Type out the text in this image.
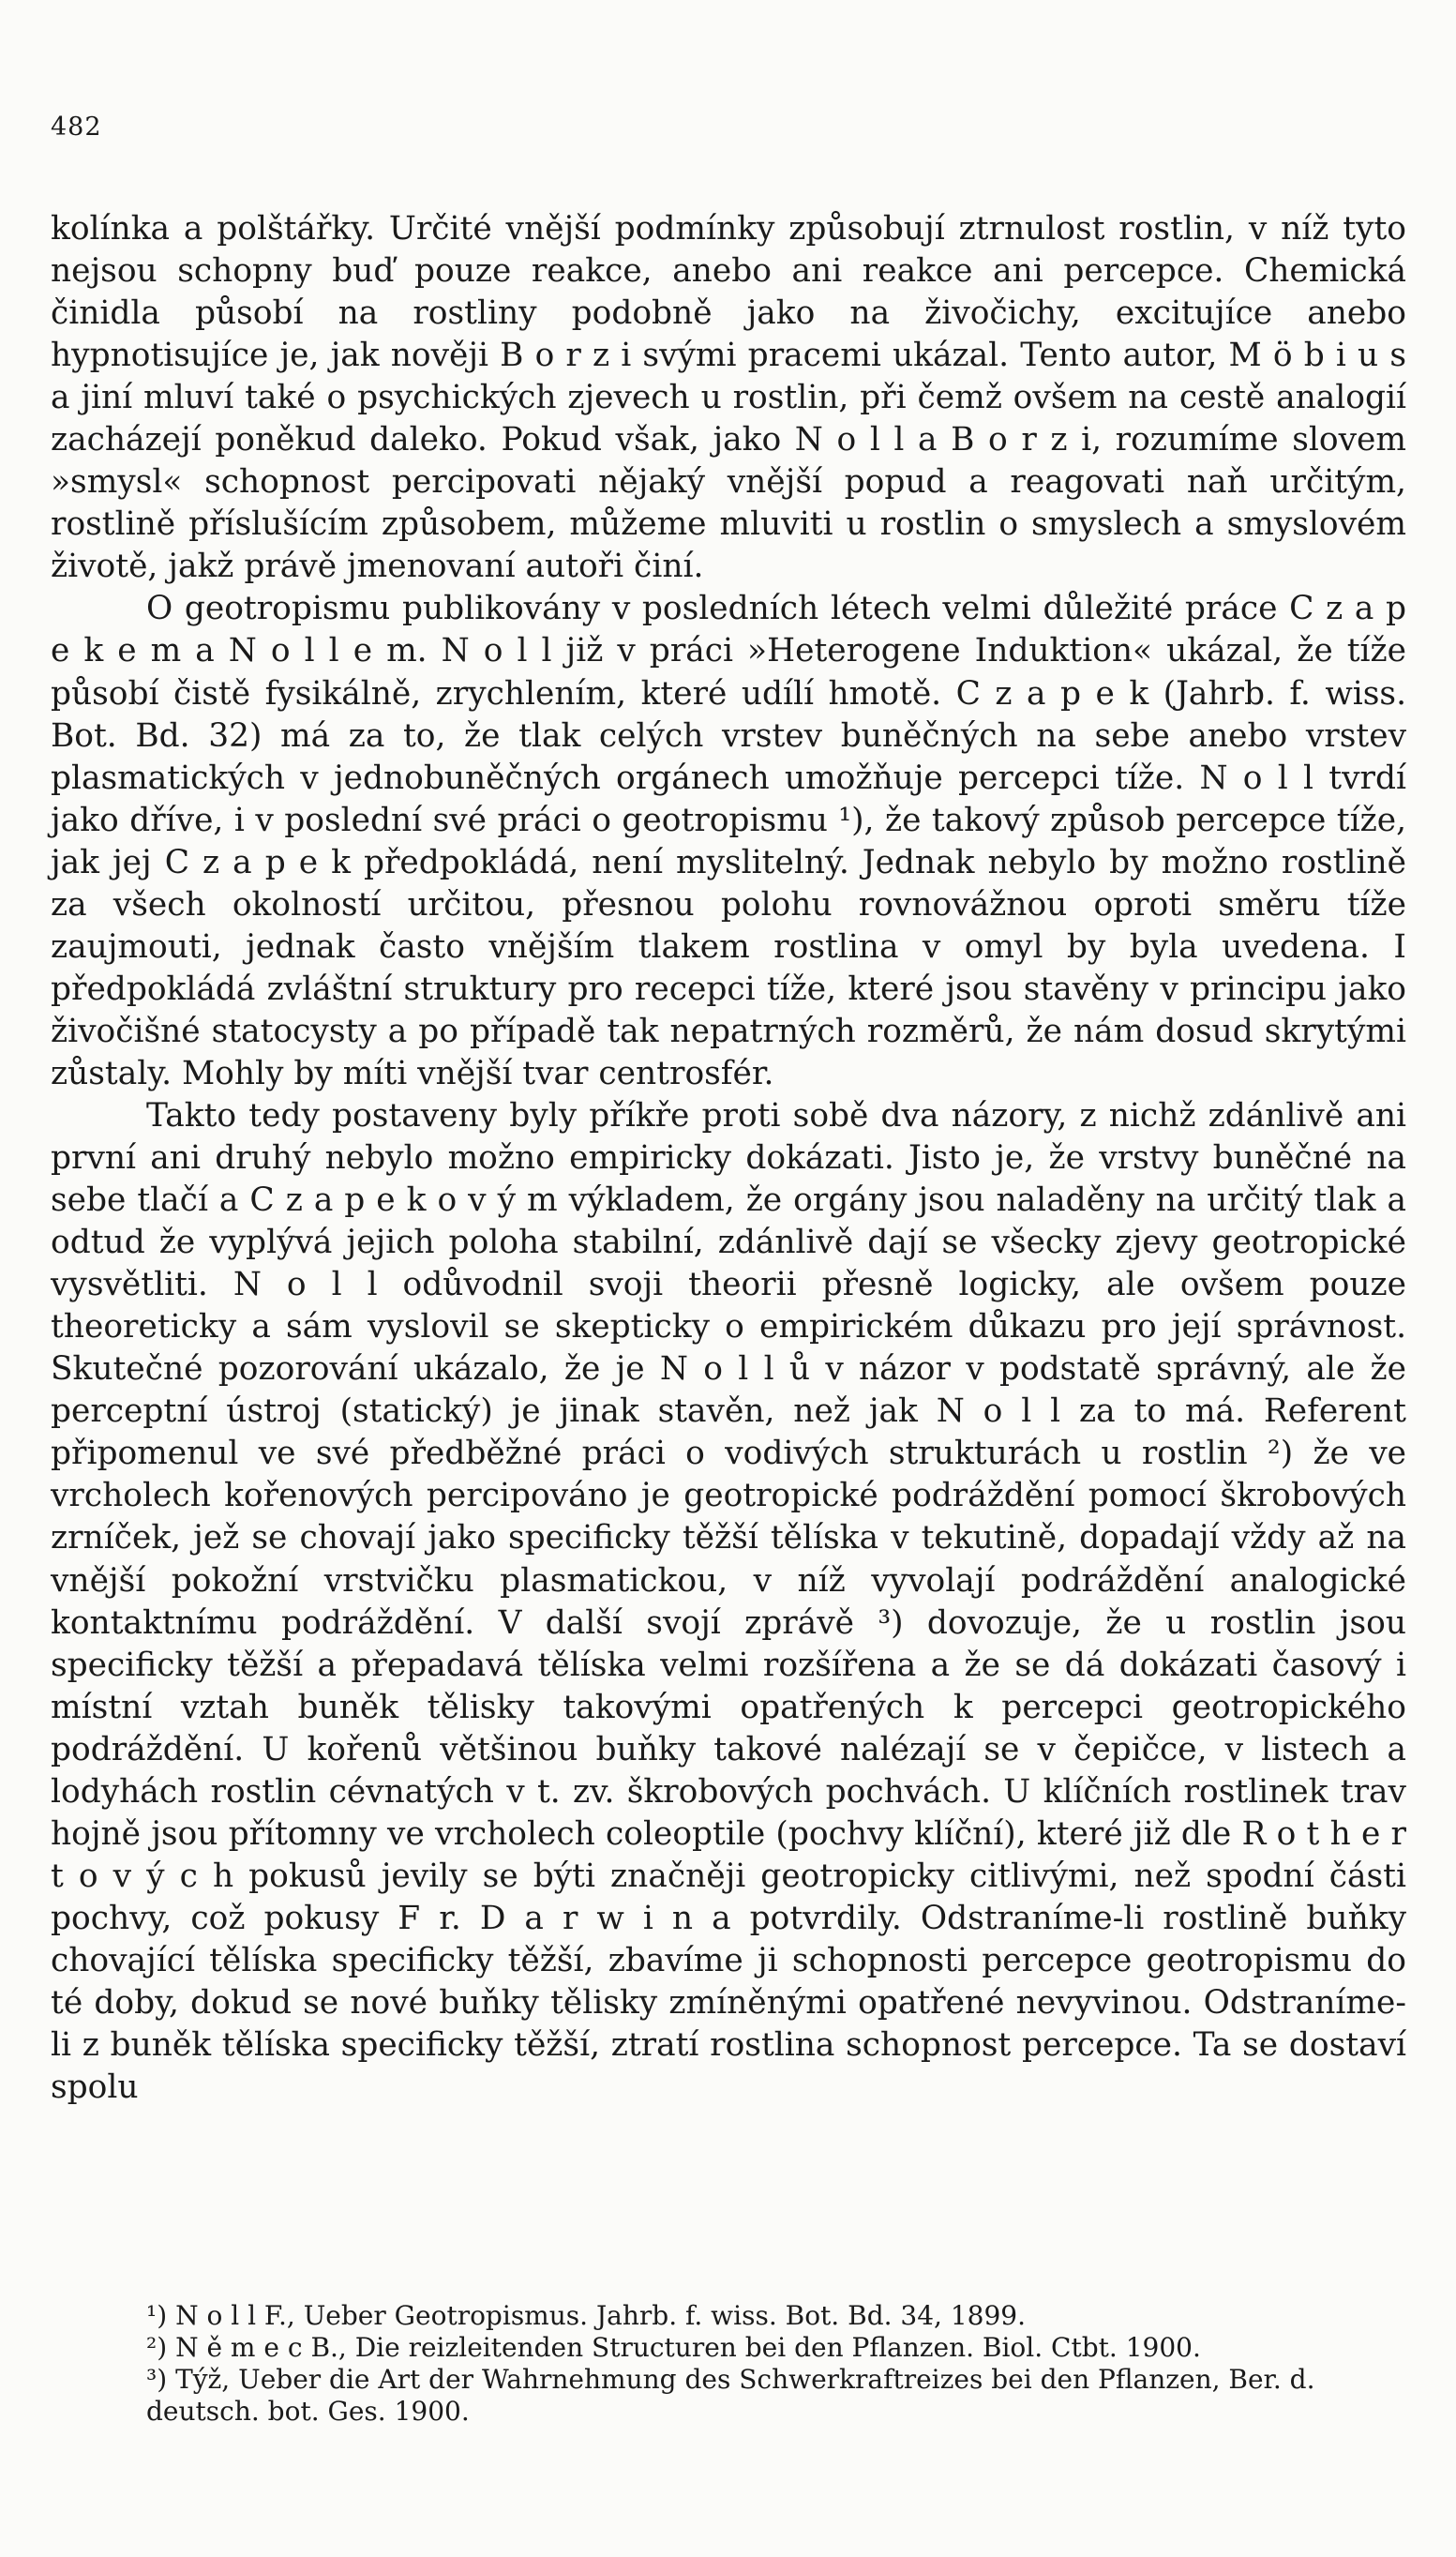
482

kolínka a polštářky. Určité vnější podmínky způsobují ztrnulost rostlin, v níž tyto nejsou schopny buď pouze reakce, anebo ani reakce ani percepce. Chemická činidla působí na rostliny podobně jako na živočichy, excitujíce anebo hypnotisujíce je, jak nověji B o r z i svými pracemi ukázal. Tento autor, M ö b i u s a jiní mluví také o psychických zjevech u rostlin, při čemž ovšem na cestě analogií zacházejí poněkud daleko. Pokud však, jako N o l l a B o r z i, rozumíme slovem »smysl« schopnost percipovati nějaký vnější popud a reagovati naň určitým, rostlině příslušícím způsobem, můžeme mluviti u rostlin o smyslech a smyslovém životě, jakž právě jmenovaní autoři činí.

O geotropismu publikovány v posledních létech velmi důležité práce C z a p e k e m a N o l l e m. N o l l již v práci »Heterogene Induktion« ukázal, že tíže působí čistě fysikálně, zrychlením, které udílí hmotě. C z a p e k (Jahrb. f. wiss. Bot. Bd. 32) má za to, že tlak celých vrstev buněčných na sebe anebo vrstev plasmatických v jednobuněčných orgánech umožňuje percepci tíže. N o l l tvrdí jako dříve, i v poslední své práci o geotropismu ¹), že takový způsob percepce tíže, jak jej C z a p e k předpokládá, není myslitelný. Jednak nebylo by možno rostlině za všech okolností určitou, přesnou polohu rovnovážnou oproti směru tíže zaujmouti, jednak často vnějším tlakem rostlina v omyl by byla uvedena. I předpokládá zvláštní struktury pro recepci tíže, které jsou stavěny v principu jako živočišné statocysty a po případě tak nepatrných rozměrů, že nám dosud skrytými zůstaly. Mohly by míti vnější tvar centrosfér.

Takto tedy postaveny byly příkře proti sobě dva názory, z nichž zdánlivě ani první ani druhý nebylo možno empiricky dokázati. Jisto je, že vrstvy buněčné na sebe tlačí a C z a p e k o v ý m výkladem, že orgány jsou naladěny na určitý tlak a odtud že vyplývá jejich poloha stabilní, zdánlivě dají se všecky zjevy geotropické vysvětliti. N o l l odůvodnil svoji theorii přesně logicky, ale ovšem pouze theoreticky a sám vyslovil se skepticky o empirickém důkazu pro její správnost. Skutečné pozorování ukázalo, že je N o l l ů v názor v podstatě správný, ale že perceptní ústroj (statický) je jinak stavěn, než jak N o l l za to má. Referent připomenul ve své předběžné práci o vodivých strukturách u rostlin ²) že ve vrcholech kořenových percipováno je geotropické podráždění pomocí škrobových zrníček, jež se chovají jako specificky těžší tělíska v tekutině, dopadají vždy až na vnější pokožní vrstvičku plasmatickou, v níž vyvolají podráždění analogické kontaktnímu podráždění. V další svojí zprávě ³) dovozuje, že u rostlin jsou specificky těžší a přepadavá tělíska velmi rozšířena a že se dá dokázati časový i místní vztah buněk tělisky takovými opatřených k percepci geotropického podráždění. U kořenů většinou buňky takové nalézají se v čepičce, v listech a lodyhách rostlin cévnatých v t. zv. škrobových pochvách. U klíčních rostlinek trav hojně jsou přítomny ve vrcholech coleoptile (pochvy klíční), které již dle R o t h e r t o v ý c h pokusů jevily se býti značněji geotropicky citlivými, než spodní části pochvy, což pokusy F r. D a r w i n a potvrdily. Odstraníme-li rostlině buňky chovající tělíska specificky těžší, zbavíme ji schopnosti percepce geotropismu do té doby, dokud se nové buňky tělisky zmíněnými opatřené nevyvinou. Odstraníme-li z buněk tělíska specificky těžší, ztratí rostlina schopnost percepce. Ta se dostaví spolu

¹) N o l l F., Ueber Geotropismus. Jahrb. f. wiss. Bot. Bd. 34, 1899.

²) N ě m e c B., Die reizleitenden Structuren bei den Pflanzen. Biol. Ctbt. 1900.

³) Týž, Ueber die Art der Wahrnehmung des Schwerkraftreizes bei den Pflanzen, Ber. d. deutsch. bot. Ges. 1900.
